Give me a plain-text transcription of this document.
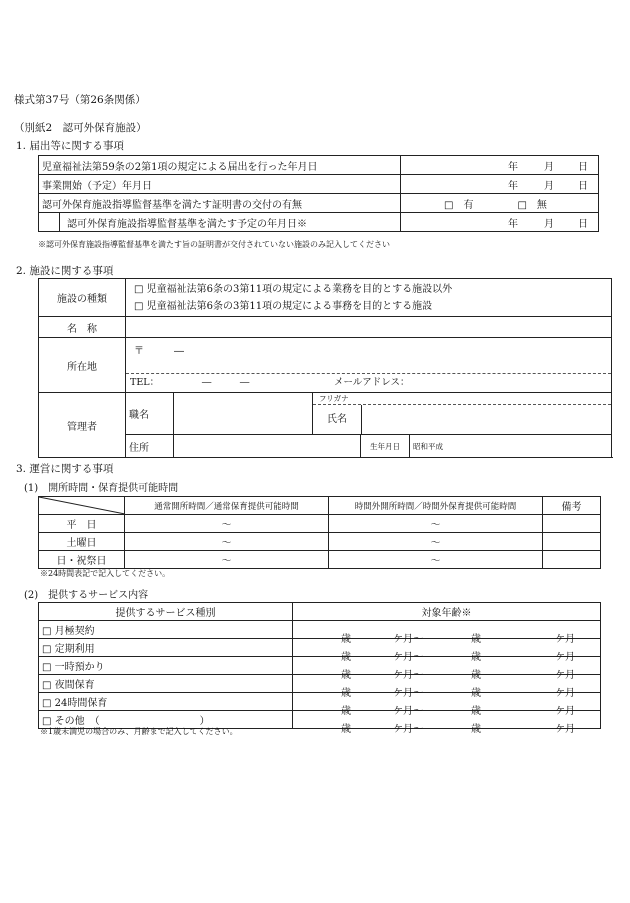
様式第37号（第26条関係）
（別紙2　認可外保育施設）
1. 届出等に関する事項
児童福祉法第59条の2第1項の規定による届出を行った年月日	年 月 日
事業開始（予定）年月日	年 月 日
認可外保育施設指導監督基準を満たす証明書の交付の有無	□　有 □　無

認可外保育施設指導監督基準を満たす予定の年月日※	年 月 日
※認可外保育施設指導監督基準を満たす旨の証明書が交付されていない施設のみ記入してください
2. 施設に関する事項
施設の種類	□ 児童福祉法第6条の3第11項の規定による業務を目的とする施設以外
□ 児童福祉法第6条の3第11項の規定による事務を目的とする施設					

名　称						
所在地	〒　　　―
TEL：　　　　　―　　　― メールアドレス：					

管理者	職名		フリガナ
氏名			

	住所			生年月日	昭和平成	
3. 運営に関する事項
(1)　開所時間・保育提供可能時間
	通常開所時間／通常保育提供可能時間	時間外開所時間／時間外保育提供可能時間	備考
平　日	〜	〜	
土曜日	〜	〜	
日・祝祭日	〜	〜	
※24時間表記で記入してください。
(2)　提供するサービス内容
提供するサービス種別	対象年齢※
□ 月極契約	歳 ケ月〜 歳 ケ月

□ 定期利用	歳 ケ月〜 歳 ケ月

□ 一時預かり	歳 ケ月〜 歳 ケ月

□ 夜間保育	歳 ケ月〜 歳 ケ月

□ 24時間保育	歳 ケ月〜 歳 ケ月

□ その他　（　　　　　　　　　　）	歳 ケ月〜 歳 ケ月
※1歳未満児の場合のみ、月齢まで記入してください。
